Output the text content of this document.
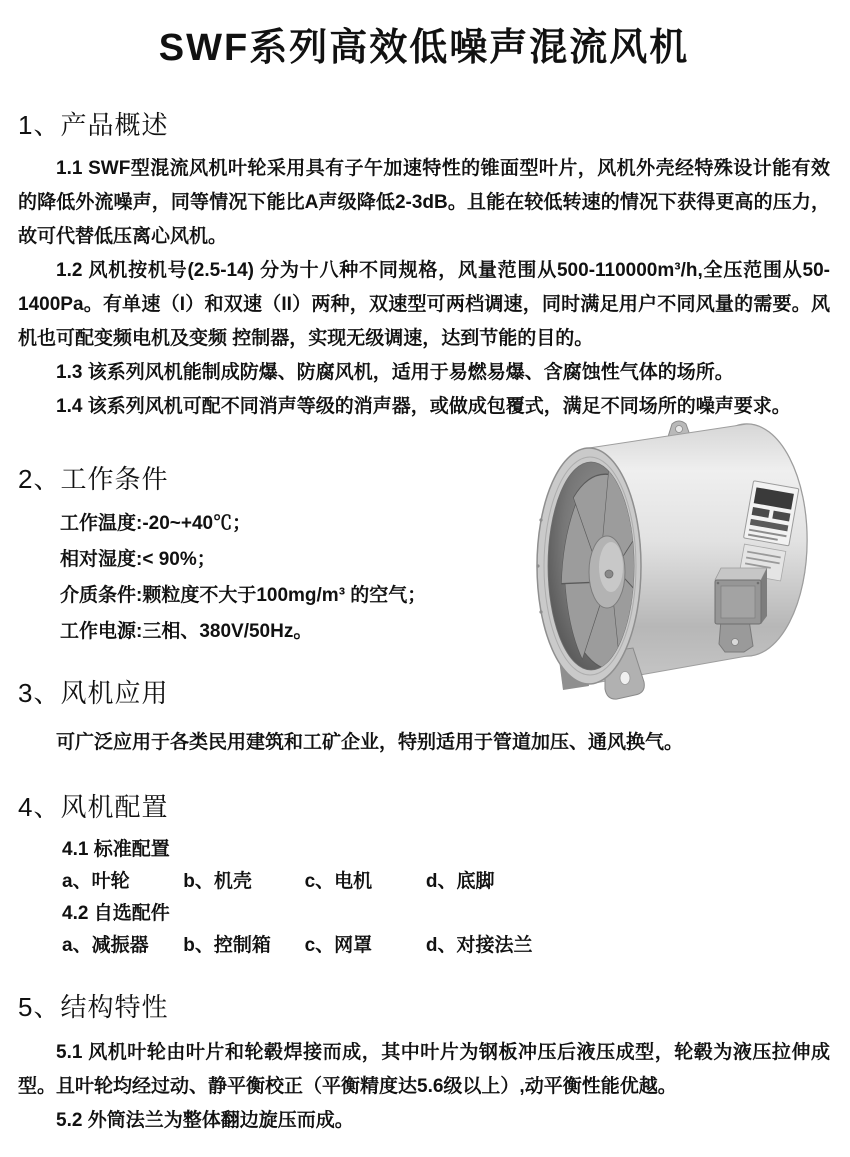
SWF系列高效低噪声混流风机
1、产品概述

1.1 SWF型混流风机叶轮采用具有子午加速特性的锥面型叶片，风机外壳经特殊设计能有效的降低外流噪声，同等情况下能比A声级降低2-3dB。且能在较低转速的情况下获得更高的压力，故可代替低压离心风机。

1.2 风机按机号(2.5-14) 分为十八种不同规格，风量范围从500-110000m³/h,全压范围从50-1400Pa。有单速（I）和双速（II）两种，双速型可两档调速，同时满足用户不同风量的需要。风机也可配变频电机及变频 控制器，实现无级调速，达到节能的目的。

1.3 该系列风机能制成防爆、防腐风机，适用于易燃易爆、含腐蚀性气体的场所。

1.4 该系列风机可配不同消声等级的消声器，或做成包覆式，满足不同场所的噪声要求。

2、工作条件
工作温度:-20~+40℃；
相对湿度:< 90%；
介质条件:颗粒度不大于100mg/m³ 的空气；
工作电源:三相、380V/50Hz。
3、风机应用

可广泛应用于各类民用建筑和工矿企业，特别适用于管道加压、通风换气。

4、风机配置
4.1 标准配置
a、叶轮	b、机壳	c、电机	d、底脚
4.2 自选配件
a、减振器 b、控制箱 c、网罩	d、对接法兰
5、结构特性

5.1 风机叶轮由叶片和轮毂焊接而成，其中叶片为钢板冲压后液压成型，轮毂为液压拉伸成型。且叶轮均经过动、静平衡校正（平衡精度达5.6级以上）,动平衡性能优越。

5.2 外筒法兰为整体翻边旋压而成。
